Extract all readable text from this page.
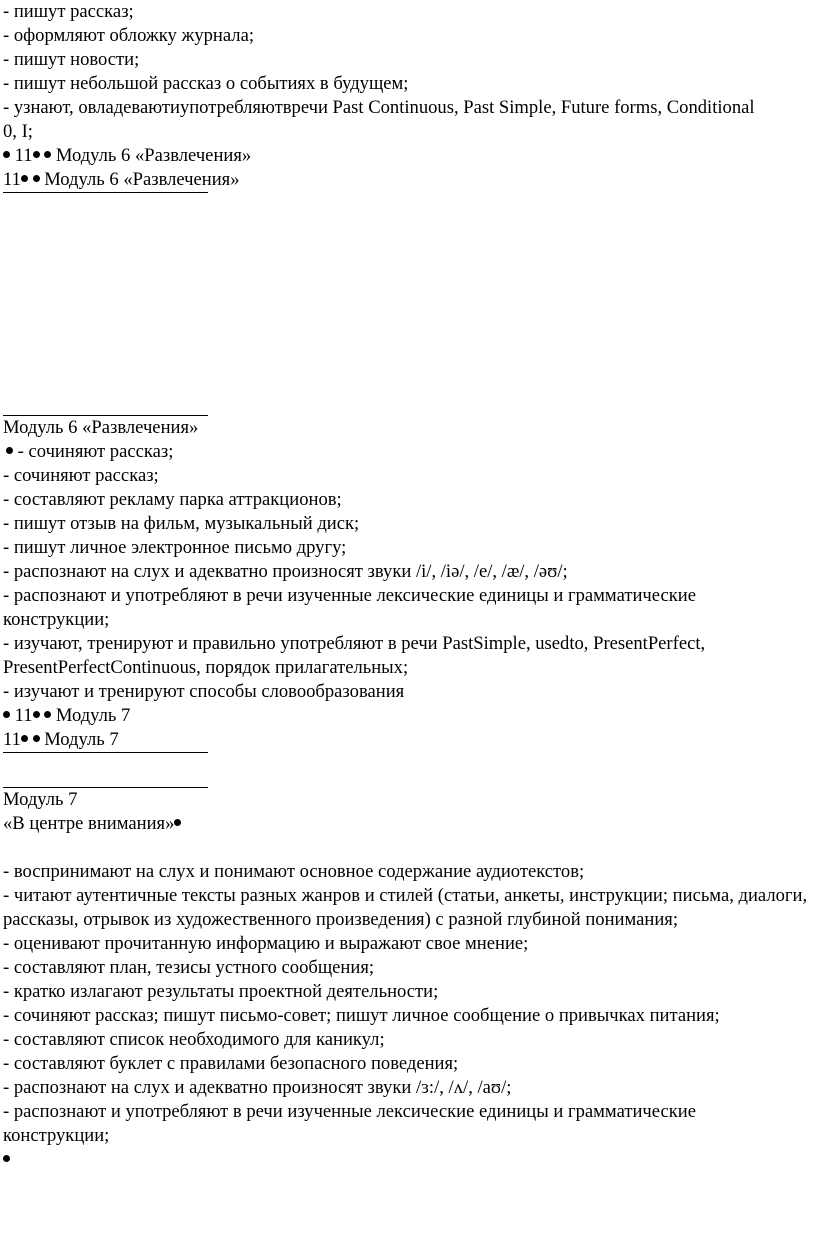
- пишут рассказ;
- оформляют обложку журнала;
- пишут новости;
- пишут небольшой рассказ о событиях в будущем;
- узнают, овладеваютиупотребляютвречи Past Continuous, Past Simple, Future forms, Conditional 0, I;
11 Модуль 6 «Развлечения»
11 Модуль 6 «Развлечения»
Модуль 6 «Развлечения»
- сочиняют рассказ;
- сочиняют рассказ;
- составляют рекламу парка аттракционов;
- пишут отзыв на фильм, музыкальный диск;
- пишут личное электронное письмо другу;
- распознают на слух и адекватно произносят звуки /i/, /iə/, /e/, /æ/, /əʊ/;
- распознают и употребляют в речи изученные лексические единицы и грамматические конструкции;
- изучают, тренируют и правильно употребляют в речи PastSimple, usedto, PresentPerfect, PresentPerfectContinuous, порядок прилагательных;
- изучают и тренируют способы словообразования
11 Модуль 7
11 Модуль 7
Модуль 7
«В центре внимания»
- воспринимают на слух и понимают основное содержание аудиотекстов;
- читают аутентичные тексты разных жанров и стилей (статьи, анкеты, инструкции; письма, диалоги, рассказы, отрывок из художественного произведения) с разной глубиной понимания;
- оценивают прочитанную информацию и выражают свое мнение;
- составляют план, тезисы устного сообщения;
- кратко излагают результаты проектной деятельности;
- сочиняют рассказ; пишут письмо-совет; пишут личное сообщение о привычках питания;
- составляют список необходимого для каникул;
- составляют буклет с правилами безопасного поведения;
- распознают на слух и адекватно произносят звуки /ɜ:/, /ʌ/, /aʊ/;
- распознают и употребляют в речи изученные лексические единицы и грамматические конструкции;
